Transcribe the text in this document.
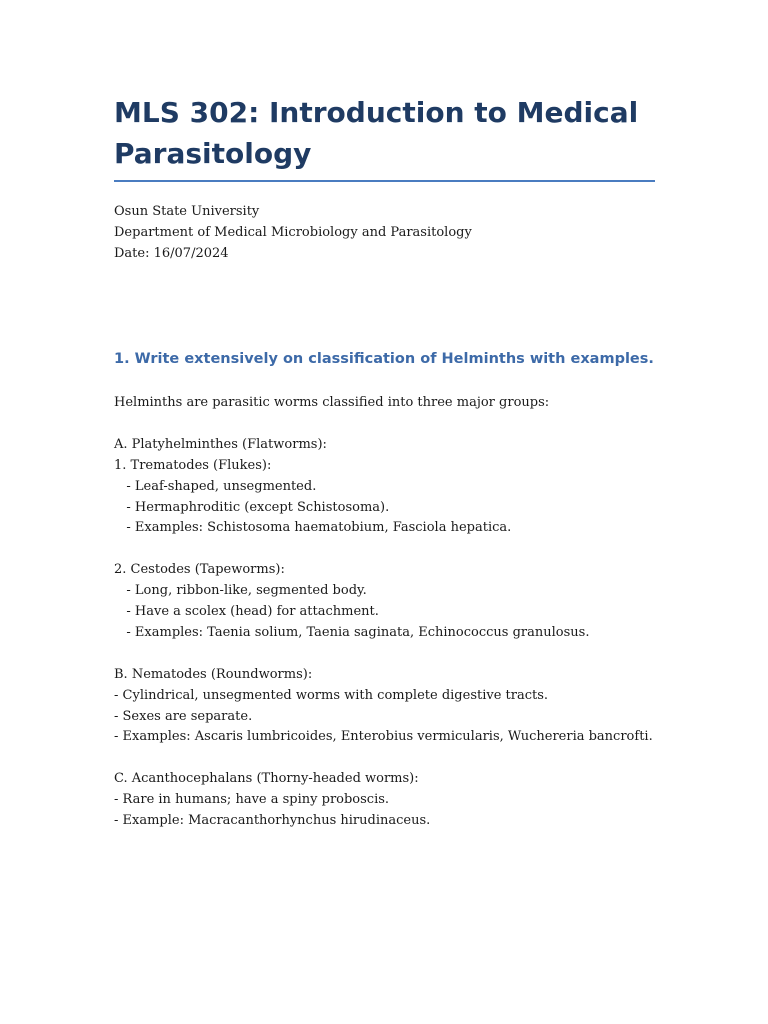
MLS 302: Introduction to Medical Parasitology
Osun State University
Department of Medical Microbiology and Parasitology
Date: 16/07/2024
1. Write extensively on classification of Helminths with examples.
Helminths are parasitic worms classified into three major groups:
A. Platyhelminthes (Flatworms):
1. Trematodes (Flukes):
- Leaf-shaped, unsegmented.
- Hermaphroditic (except Schistosoma).
- Examples: Schistosoma haematobium, Fasciola hepatica.
2. Cestodes (Tapeworms):
- Long, ribbon-like, segmented body.
- Have a scolex (head) for attachment.
- Examples: Taenia solium, Taenia saginata, Echinococcus granulosus.
B. Nematodes (Roundworms):
- Cylindrical, unsegmented worms with complete digestive tracts.
- Sexes are separate.
- Examples: Ascaris lumbricoides, Enterobius vermicularis, Wuchereria bancrofti.
C. Acanthocephalans (Thorny-headed worms):
- Rare in humans; have a spiny proboscis.
- Example: Macracanthorhynchus hirudinaceus.
